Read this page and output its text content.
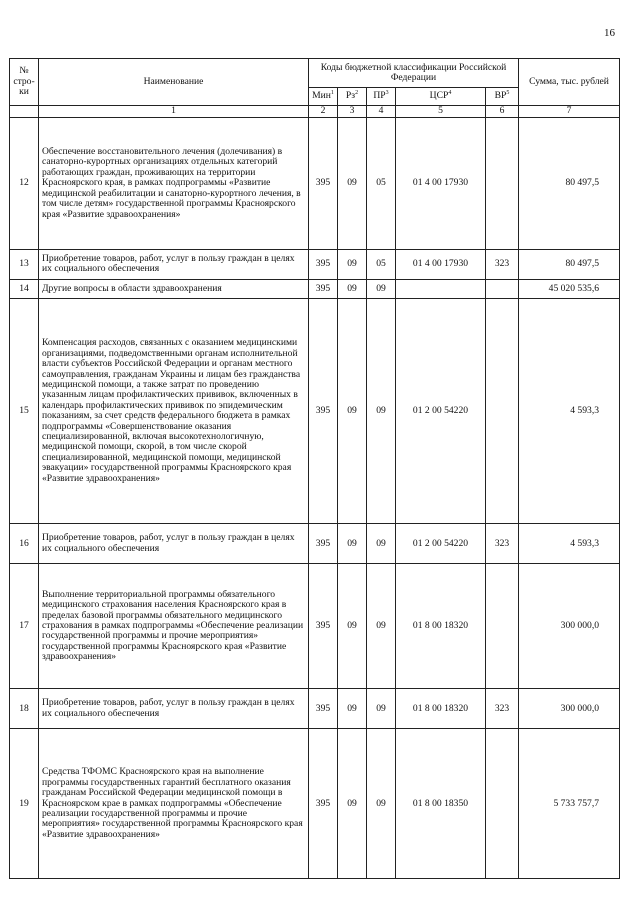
16
№ стро-ки	Наименование	Коды бюджетной классификации Российской Федерации					Сумма, тыс. рублей
		Мин$^1$	$Рз^2$	$ПР^3$	ЦСР$^4$	$ВР^5$
	1	2	3	4	5	6	7
12	Обеспечение восстановительного лечения (долечивания) в санаторно-курортных организациях отдельных категорий работающих граждан, проживающих на территории Красноярского края, в рамках подпрограммы «Развитие медицинской реабилитации и санаторно-курортного лечения, в том числе детям» государственной программы Красноярского края «Развитие здравоохранения»	395	09	05	01 4 00 17930		80 497,5
13	Приобретение товаров, работ, услуг в пользу граждан в целях их социального обеспечения	395	09	05	01 4 00 17930	323	80 497,5
14	Другие вопросы в области здравоохранения	395	09	09			45 020 535,6
15	Компенсация расходов, связанных с оказанием медицинскими организациями, подведомственными органам исполнительной власти субъектов Российской Федерации и органам местного самоуправления, гражданам Украины и лицам без гражданства медицинской помощи, а также затрат по проведению указанным лицам профилактических прививок, включенных в календарь профилактических прививок по эпидемическим показаниям, за счет средств федерального бюджета в рамках подпрограммы «Совершенствование оказания специализированной, включая высокотехнологичную, медицинской помощи, скорой, в том числе скорой специализированной, медицинской помощи, медицинской эвакуации» государственной программы Красноярского края «Развитие здравоохранения»	395	09	09	01 2 00 54220		4 593,3
16	Приобретение товаров, работ, услуг в пользу граждан в целях их социального обеспечения	395	09	09	01 2 00 54220	323	4 593,3
17	Выполнение территориальной программы обязательного медицинского страхования населения Красноярского края в пределах базовой программы обязательного медицинского страхования в рамках подпрограммы «Обеспечение реализации государственной программы и прочие мероприятия» государственной программы Красноярского края «Развитие здравоохранения»	395	09	09	01 8 00 18320		300 000,0
18	Приобретение товаров, работ, услуг в пользу граждан в целях их социального обеспечения	395	09	09	01 8 00 18320	323	300 000,0
19	Средства ТФОМС Красноярского края на выполнение программы государственных гарантий бесплатного оказания гражданам Российской Федерации медицинской помощи в Красноярском крае в рамках подпрограммы «Обеспечение реализации государственной программы и прочие мероприятия» государственной программы Красноярского края «Развитие здравоохранения»	395	09	09	01 8 00 18350		5 733 757,7
